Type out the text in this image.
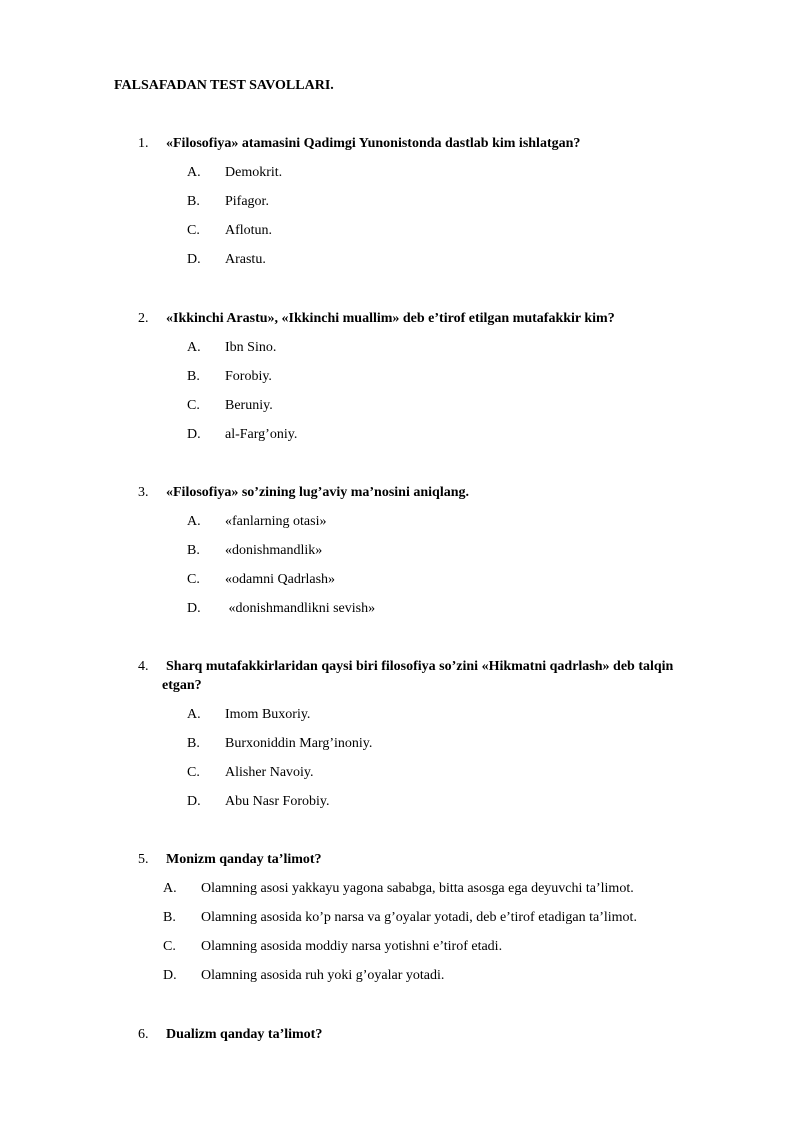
FALSAFADAN TEST SAVOLLARI.
1. «Filosofiya» atamasini Qadimgi Yunonistonda dastlab kim ishlatgan?
A. Demokrit.
B. Pifagor.
C. Aflotun.
D. Arastu.
2. «Ikkinchi Arastu», «Ikkinchi muallim» deb e’tirof etilgan mutafakkir kim?
A. Ibn Sino.
B. Forobiy.
C. Beruniy.
D. al-Farg’oniy.
3. «Filosofiya» so’zining lug’aviy ma’nosini aniqlang.
A. «fanlarning otasi»
B. «donishmandlik»
C. «odamni Qadrlash»
D. «donishmandlikni sevish»
4. Sharq mutafakkirlaridan qaysi biri filosofiya so’zini «Hikmatni qadrlash» deb talqin
etgan?
A. Imom Buxoriy.
B. Burxoniddin Marg’inoniy.
C. Alisher Navoiy.
D. Abu Nasr Forobiy.
5. Monizm qanday ta’limot?
A. Olamning asosi yakkayu yagona sababga, bitta asosga ega deyuvchi ta’limot.
B. Olamning asosida ko’p narsa va g’oyalar yotadi, deb e’tirof etadigan ta’limot.
C. Olamning asosida moddiy narsa yotishni e’tirof etadi.
D. Olamning asosida ruh yoki g’oyalar yotadi.
6. Dualizm qanday ta’limot?
